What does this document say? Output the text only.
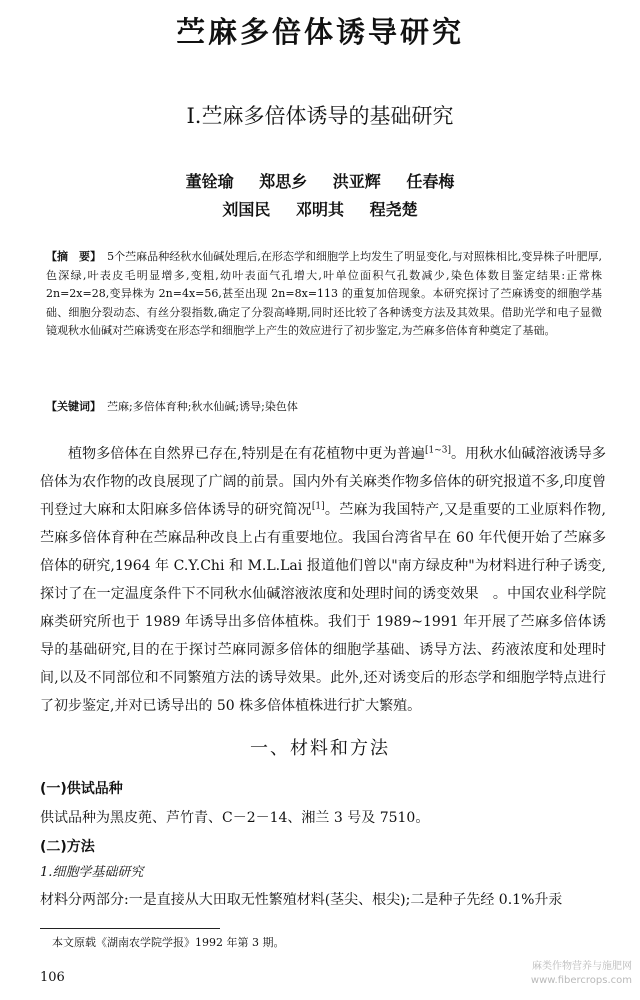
苎麻多倍体诱导研究
I.苎麻多倍体诱导的基础研究
董铨瑜 郑思乡 洪亚辉 任春梅
刘国民 邓明其 程尧楚
【摘　要】 5个苎麻品种经秋水仙碱处理后,在形态学和细胞学上均发生了明显变化,与对照株相比,变异株子叶肥厚,色深绿,叶表皮毛明显增多,变粗,幼叶表面气孔增大,叶单位面积气孔数减少,染色体数目鉴定结果:正常株 2n=2x=28,变异株为 2n=4x=56,甚至出现 2n=8x=113 的重复加倍现象。本研究探讨了苎麻诱变的细胞学基础、细胞分裂动态、有丝分裂指数,确定了分裂高峰期,同时还比较了各种诱变方法及其效果。借助光学和电子显微镜观秋水仙碱对苎麻诱变在形态学和细胞学上产生的效应进行了初步鉴定,为苎麻多倍体育种奠定了基础。
【关键词】 苎麻;多倍体育种;秋水仙碱;诱导;染色体
植物多倍体在自然界已存在,特别是在有花植物中更为普遍[1~3]。用秋水仙碱溶液诱导多倍体为农作物的改良展现了广阔的前景。国内外有关麻类作物多倍体的研究报道不多,印度曾刊登过大麻和太阳麻多倍体诱导的研究简况[1]。苎麻为我国特产,又是重要的工业原料作物,苎麻多倍体育种在苎麻品种改良上占有重要地位。我国台湾省早在 60 年代便开始了苎麻多倍体的研究,1964 年 C.Y.Chi 和 M.L.Lai 报道他们曾以"南方绿皮种"为材料进行种子诱变,探讨了在一定温度条件下不同秋水仙碱溶液浓度和处理时间的诱变效果　。中国农业科学院麻类研究所也于 1989 年诱导出多倍体植株。我们于 1989~1991 年开展了苎麻多倍体诱导的基础研究,目的在于探讨苎麻同源多倍体的细胞学基础、诱导方法、药液浓度和处理时间,以及不同部位和不同繁殖方法的诱导效果。此外,还对诱变后的形态学和细胞学特点进行了初步鉴定,并对已诱导出的 50 株多倍体植株进行扩大繁殖。
一、材料和方法
(一)供试品种
供试品种为黑皮蔸、芦竹青、C－2－14、湘兰 3 号及 7510。
(二)方法
1.细胞学基础研究
材料分两部分:一是直接从大田取无性繁殖材料(茎尖、根尖);二是种子先经 0.1%升汞
本文原载《湖南农学院学报》1992 年第 3 期。
106
麻类作物营养与施肥网
www.fibercrops.com
